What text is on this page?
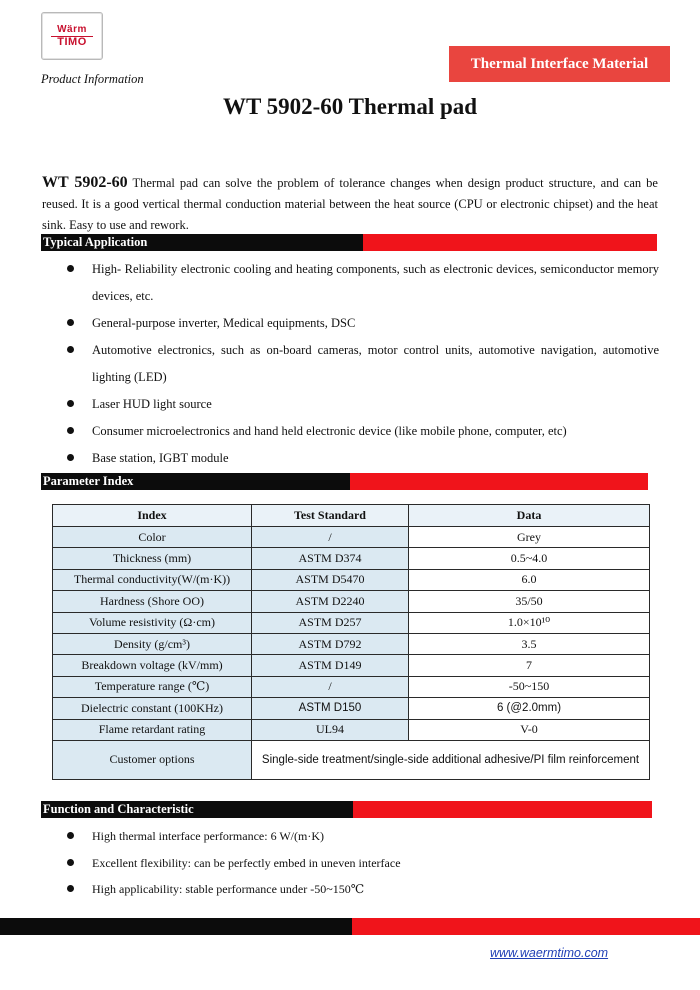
Wärm
TIMO
Product Information
Thermal Interface Material
WT 5902-60 Thermal pad
WT 5902-60 Thermal pad can solve the problem of tolerance changes when design product structure, and can be reused. It is a good vertical thermal conduction material between the heat source (CPU or electronic chipset) and the heat sink. Easy to use and rework.
Typical Application
High- Reliability electronic cooling and heating components, such as electronic devices, semiconductor memory devices, etc.
General-purpose inverter, Medical equipments, DSC
Automotive electronics, such as on-board cameras, motor control units, automotive navigation, automotive lighting (LED)
Laser HUD light source
Consumer microelectronics and hand held electronic device (like mobile phone, computer, etc)
Base station, IGBT module
Parameter Index
Index	Test Standard	Data
Color	/	Grey
Thickness (mm)	ASTM D374	0.5~4.0
Thermal conductivity(W/(m·K))	ASTM D5470	6.0
Hardness (Shore OO)	ASTM D2240	35/50
Volume resistivity (Ω·cm)	ASTM D257	1.0×10¹⁰
Density (g/cm³)	ASTM D792	3.5
Breakdown voltage (kV/mm)	ASTM D149	7
Temperature range (℃)	/	-50~150
Dielectric constant (100KHz)	ASTM D150	6 (@2.0mm)
Flame retardant rating	UL94	V-0
Customer options	Single-side treatment/single-side additional adhesive/PI film reinforcement	
Function and Characteristic
High thermal interface performance: 6 W/(m·K)
Excellent flexibility: can be perfectly embed in uneven interface
High applicability: stable performance under -50~150℃
www.waermtimo.com
